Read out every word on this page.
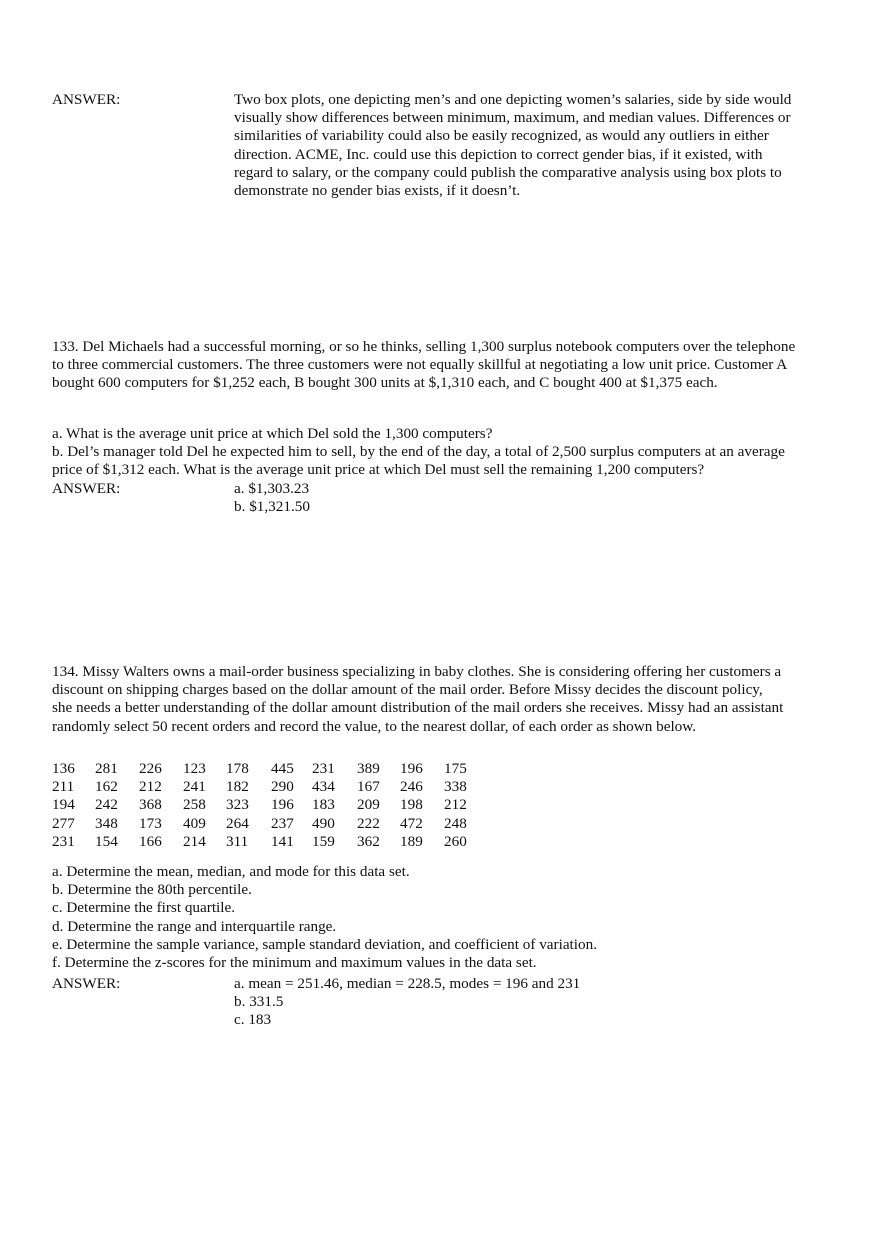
ANSWER:	Two box plots, one depicting men’s and one depicting women’s salaries, side by side would

visually show differences between minimum, maximum, and median values. Differences or

similarities of variability could also be easily recognized, as would any outliers in either

direction. ACME, Inc. could use this depiction to correct gender bias, if it existed, with

regard to salary, or the company could publish the comparative analysis using box plots to

demonstrate no gender bias exists, if it doesn’t.

133. Del Michaels had a successful morning, or so he thinks, selling 1,300 surplus notebook computers over the telephone

to three commercial customers. The three customers were not equally skillful at negotiating a low unit price. Customer A

bought 600 computers for $1,252 each, B bought 300 units at $,1,310 each, and C bought 400 at $1,375 each.

a. What is the average unit price at which Del sold the 1,300 computers?

b. Del’s manager told Del he expected him to sell, by the end of the day, a total of 2,500 surplus computers at an average

price of $1,312 each. What is the average unit price at which Del must sell the remaining 1,200 computers?

ANSWER:	a. $1,303.23

b. $1,321.50

134. Missy Walters owns a mail-order business specializing in baby clothes. She is considering offering her customers a

discount on shipping charges based on the dollar amount of the mail order. Before Missy decides the discount policy,

she needs a better understanding of the dollar amount distribution of the mail orders she receives. Missy had an assistant

randomly select 50 recent orders and record the value, to the nearest dollar, of each order as shown below.

136	281	226	123	178	445	231	389	196	175
211	162	212	241	182	290	434	167	246	338
194	242	368	258	323	196	183	209	198	212
277	348	173	409	264	237	490	222	472	248
231	154	166	214	311	141	159	362	189	260

a. Determine the mean, median, and mode for this data set.

b. Determine the 80th percentile.

c. Determine the first quartile.

d. Determine the range and interquartile range.

e. Determine the sample variance, sample standard deviation, and coefficient of variation.

f. Determine the z-scores for the minimum and maximum values in the data set.

ANSWER:	a. mean = 251.46, median = 228.5, modes = 196 and 231

b. 331.5

c. 183
